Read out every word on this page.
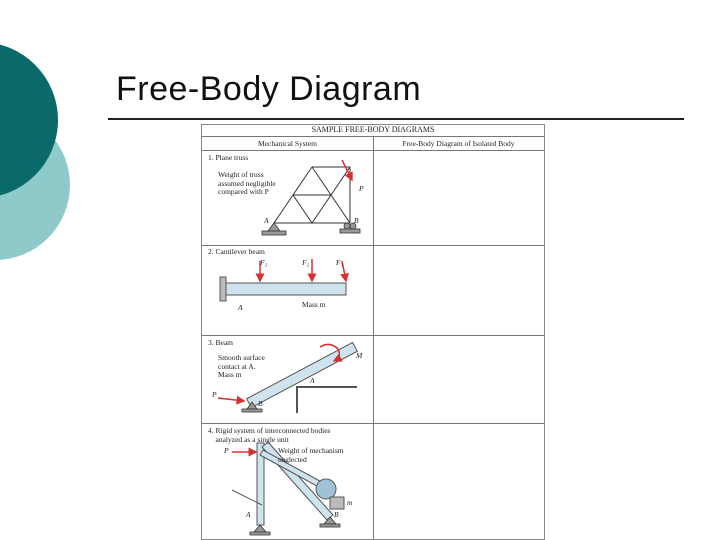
Free-Body Diagram
SAMPLE FREE-BODY DIAGRAMS
Mechanical System	Free-Body Diagram of Isolated Body
1. Plane truss
Weight of truss
assumed negligible
compared with P	P
A	B
2. Cantilever beam
F₃	F₂	F₁
A	Mass m
3. Beam
Smooth surface
contact at A.
Mass m
M
A
P
B
4. Rigid system of interconnected bodies
analyzed as a single unit
Weight of mechanism
neglected
P
m
A	B
